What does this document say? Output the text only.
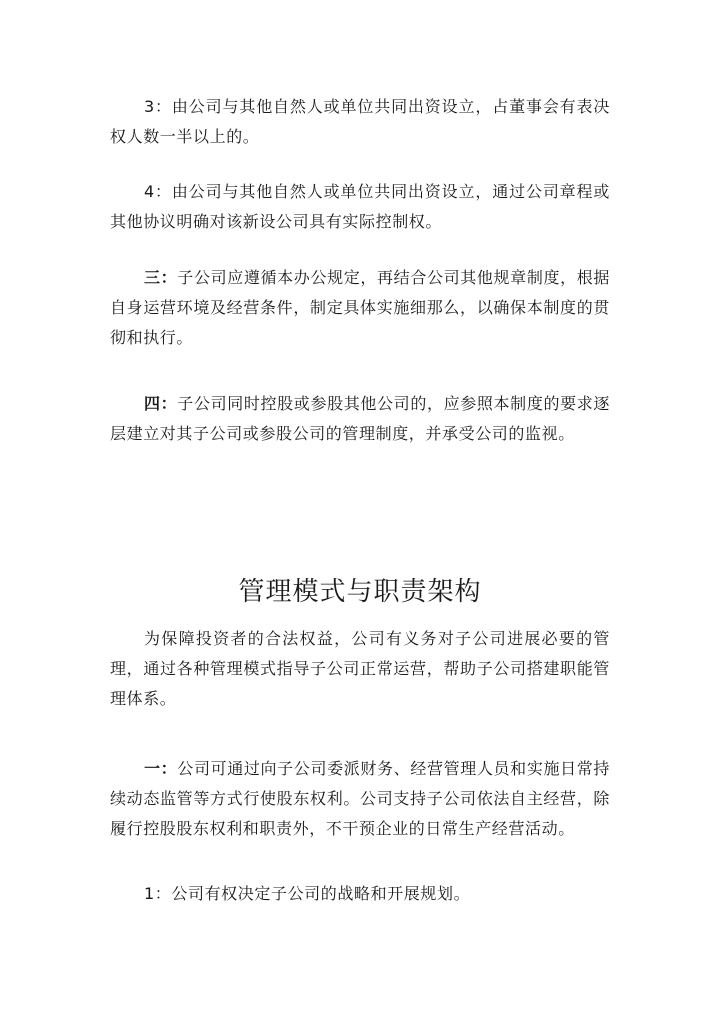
3：由公司与其他自然人或单位共同出资设立，占董事会有表决权人数一半以上的。

4：由公司与其他自然人或单位共同出资设立，通过公司章程或其他协议明确对该新设公司具有实际控制权。

三：子公司应遵循本办公规定，再结合公司其他规章制度，根据自身运营环境及经营条件，制定具体实施细那么，以确保本制度的贯彻和执行。

四：子公司同时控股或参股其他公司的，应参照本制度的要求逐层建立对其子公司或参股公司的管理制度，并承受公司的监视。

管理模式与职责架构

为保障投资者的合法权益，公司有义务对子公司进展必要的管理，通过各种管理模式指导子公司正常运营，帮助子公司搭建职能管理体系。

一：公司可通过向子公司委派财务、经营管理人员和实施日常持续动态监管等方式行使股东权利。公司支持子公司依法自主经营，除履行控股股东权利和职责外，不干预企业的日常生产经营活动。

1：公司有权决定子公司的战略和开展规划。
